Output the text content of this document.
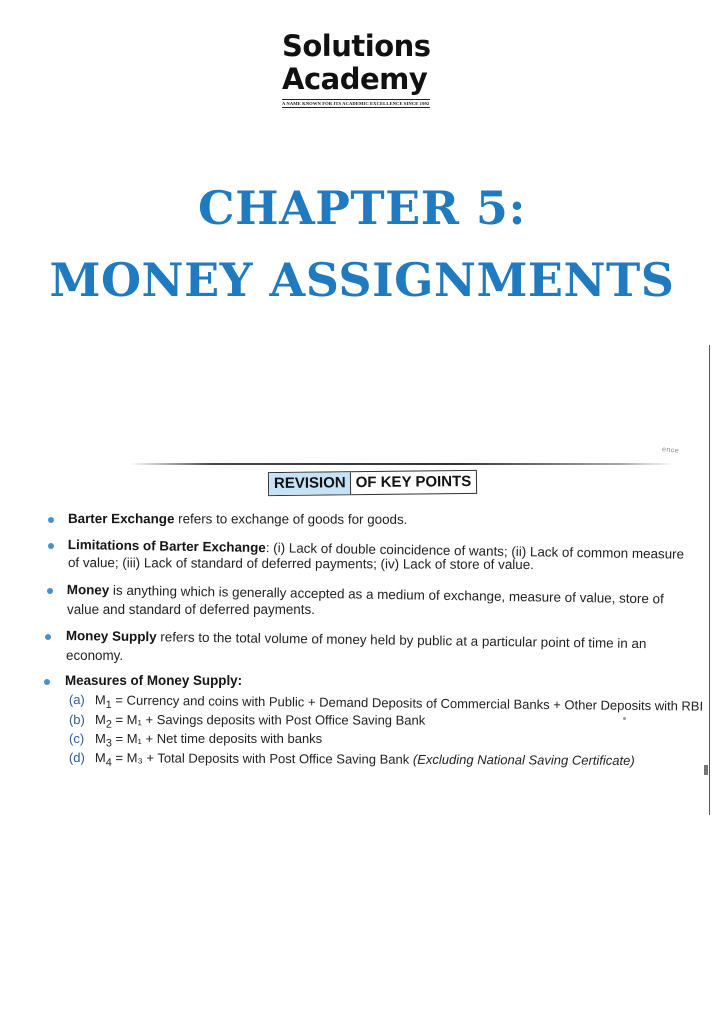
Solutions
Academy
A NAME KNOWN FOR ITS ACADEMIC EXCELLENCE SINCE 1992
CHAPTER 5:
MONEY ASSIGNMENTS
ence
REVISION OF KEY POINTS
Barter Exchange refers to exchange of goods for goods.
Limitations of Barter Exchange: (i) Lack of double coincidence of wants; (ii) Lack of common measure
of value; (iii) Lack of standard of deferred payments; (iv) Lack of store of value.
Money is anything which is generally accepted as a medium of exchange, measure of value, store of
value and standard of deferred payments.
Money Supply refers to the total volume of money held by public at a particular point of time in an
economy.
Measures of Money Supply:
(a) $M_1$ = Currency and coins with Public + Demand Deposits of Commercial Banks + Other Deposits with RBI
(b) $M_2 = M_1$ + Savings deposits with Post Office Saving Bank
(c) $M_3 = M_1$ + Net time deposits with banks
(d) $M_4 = M_3$ + Total Deposits with Post Office Saving Bank (Excluding National Saving Certificate)
